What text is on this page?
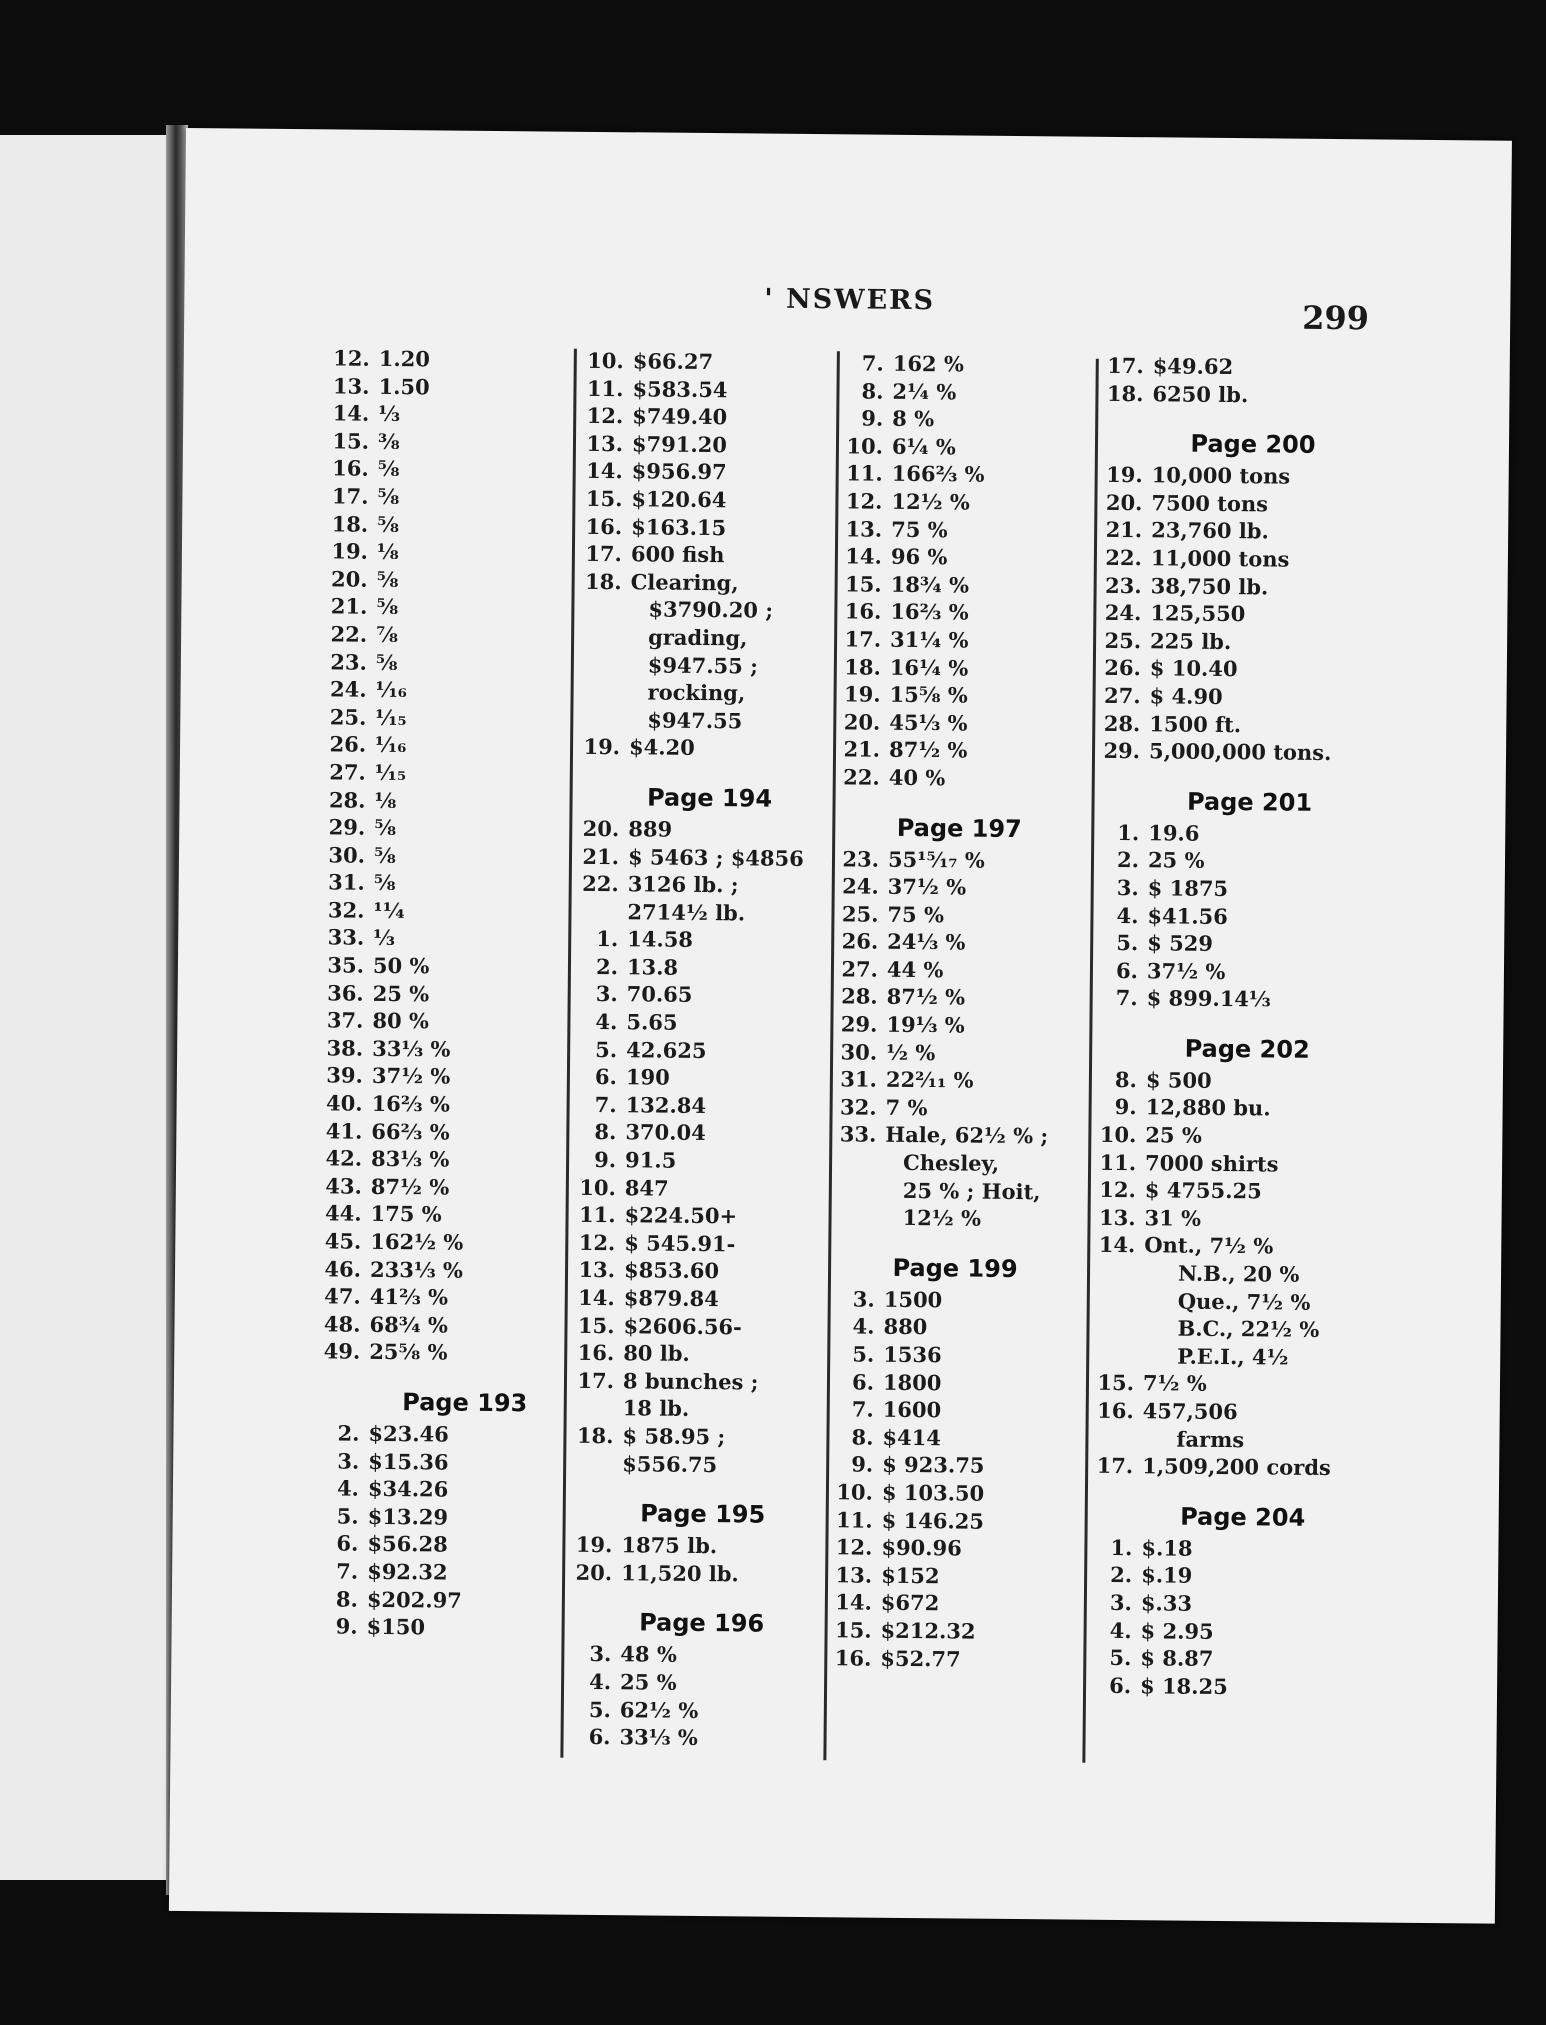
ꞌ NSWERS	299
12. 1.20
13. 1.50
14. ⅓
15. ⅜
16. ⅝
17. ⅝
18. ⅝
19. ⅛
20. ⅝
21. ⅝
22. ⅞
23. ⅝
24. ⅟₁₆
25. ⅟₁₅
26. ⅟₁₆
27. ⅟₁₅
28. ⅛
29. ⅝
30. ⅝
31. ⅝
32. ¹¹⁄₄
33. ⅓
35. 50 %
36. 25 %
37. 80 %
38. 33⅓ %
39. 37½ %
40. 16⅔ %
41. 66⅔ %
42. 83⅓ %
43. 87½ %
44. 175 %
45. 162½ %
46. 233⅓ %
47. 41⅔ %
48. 68¾ %
49. 25⅝ %
Page 193
2. $23.46
3. $15.36
4. $34.26
5. $13.29
6. $56.28
7. $92.32
8. $202.97
9. $150
10. $66.27
11. $583.54
12. $749.40
13. $791.20
14. $956.97
15. $120.64
16. $163.15
17. 600 fish
18. Clearing,
$3790.20 ;
grading,
$947.55 ;
rocking,
$947.55
19. $4.20
Page 194
20. 889
21. $ 5463 ; $4856
22. 3126 lb. ;
2714½ lb.
1. 14.58
2. 13.8
3. 70.65
4. 5.65
5. 42.625
6. 190
7. 132.84
8. 370.04
9. 91.5
10. 847
11. $224.50+
12. $ 545.91-
13. $853.60
14. $879.84
15. $2606.56-
16. 80 lb.
17. 8 bunches ;
18 lb.
18. $ 58.95 ;
$556.75
Page 195
19. 1875 lb.
20. 11,520 lb.
Page 196
3. 48 %
4. 25 %
5. 62½ %
6. 33⅓ %
7. 162 %
8. 2¼ %
9. 8 %
10. 6¼ %
11. 166⅔ %
12. 12½ %
13. 75 %
14. 96 %
15. 18¾ %
16. 16⅔ %
17. 31¼ %
18. 16¼ %
19. 15⅝ %
20. 45⅓ %
21. 87½ %
22. 40 %
Page 197
23. 55¹⁵⁄₁₇ %
24. 37½ %
25. 75 %
26. 24⅓ %
27. 44 %
28. 87½ %
29. 19⅓ %
30. ½ %
31. 22²⁄₁₁ %
32. 7 %
33. Hale, 62½ % ;
Chesley,
25 % ; Hoit,
12½ %
Page 199
3. 1500
4. 880
5. 1536
6. 1800
7. 1600
8. $414
9. $ 923.75
10. $ 103.50
11. $ 146.25
12. $90.96
13. $152
14. $672
15. $212.32
16. $52.77
17. $49.62
18. 6250 lb.
Page 200
19. 10,000 tons
20. 7500 tons
21. 23,760 lb.
22. 11,000 tons
23. 38,750 lb.
24. 125,550
25. 225 lb.
26. $ 10.40
27. $ 4.90
28. 1500 ft.
29. 5,000,000 tons.
Page 201
1. 19.6
2. 25 %
3. $ 1875
4. $41.56
5. $ 529
6. 37½ %
7. $ 899.14⅓
Page 202
8. $ 500
9. 12,880 bu.
10. 25 %
11. 7000 shirts
12. $ 4755.25
13. 31 %
14. Ont., 7½ %
N.B., 20 %
Que., 7½ %
B.C., 22½ %
P.E.I., 4½
15. 7½ %
16. 457,506
farms
17. 1,509,200 cords
Page 204
1. $.18
2. $.19
3. $.33
4. $ 2.95
5. $ 8.87
6. $ 18.25
